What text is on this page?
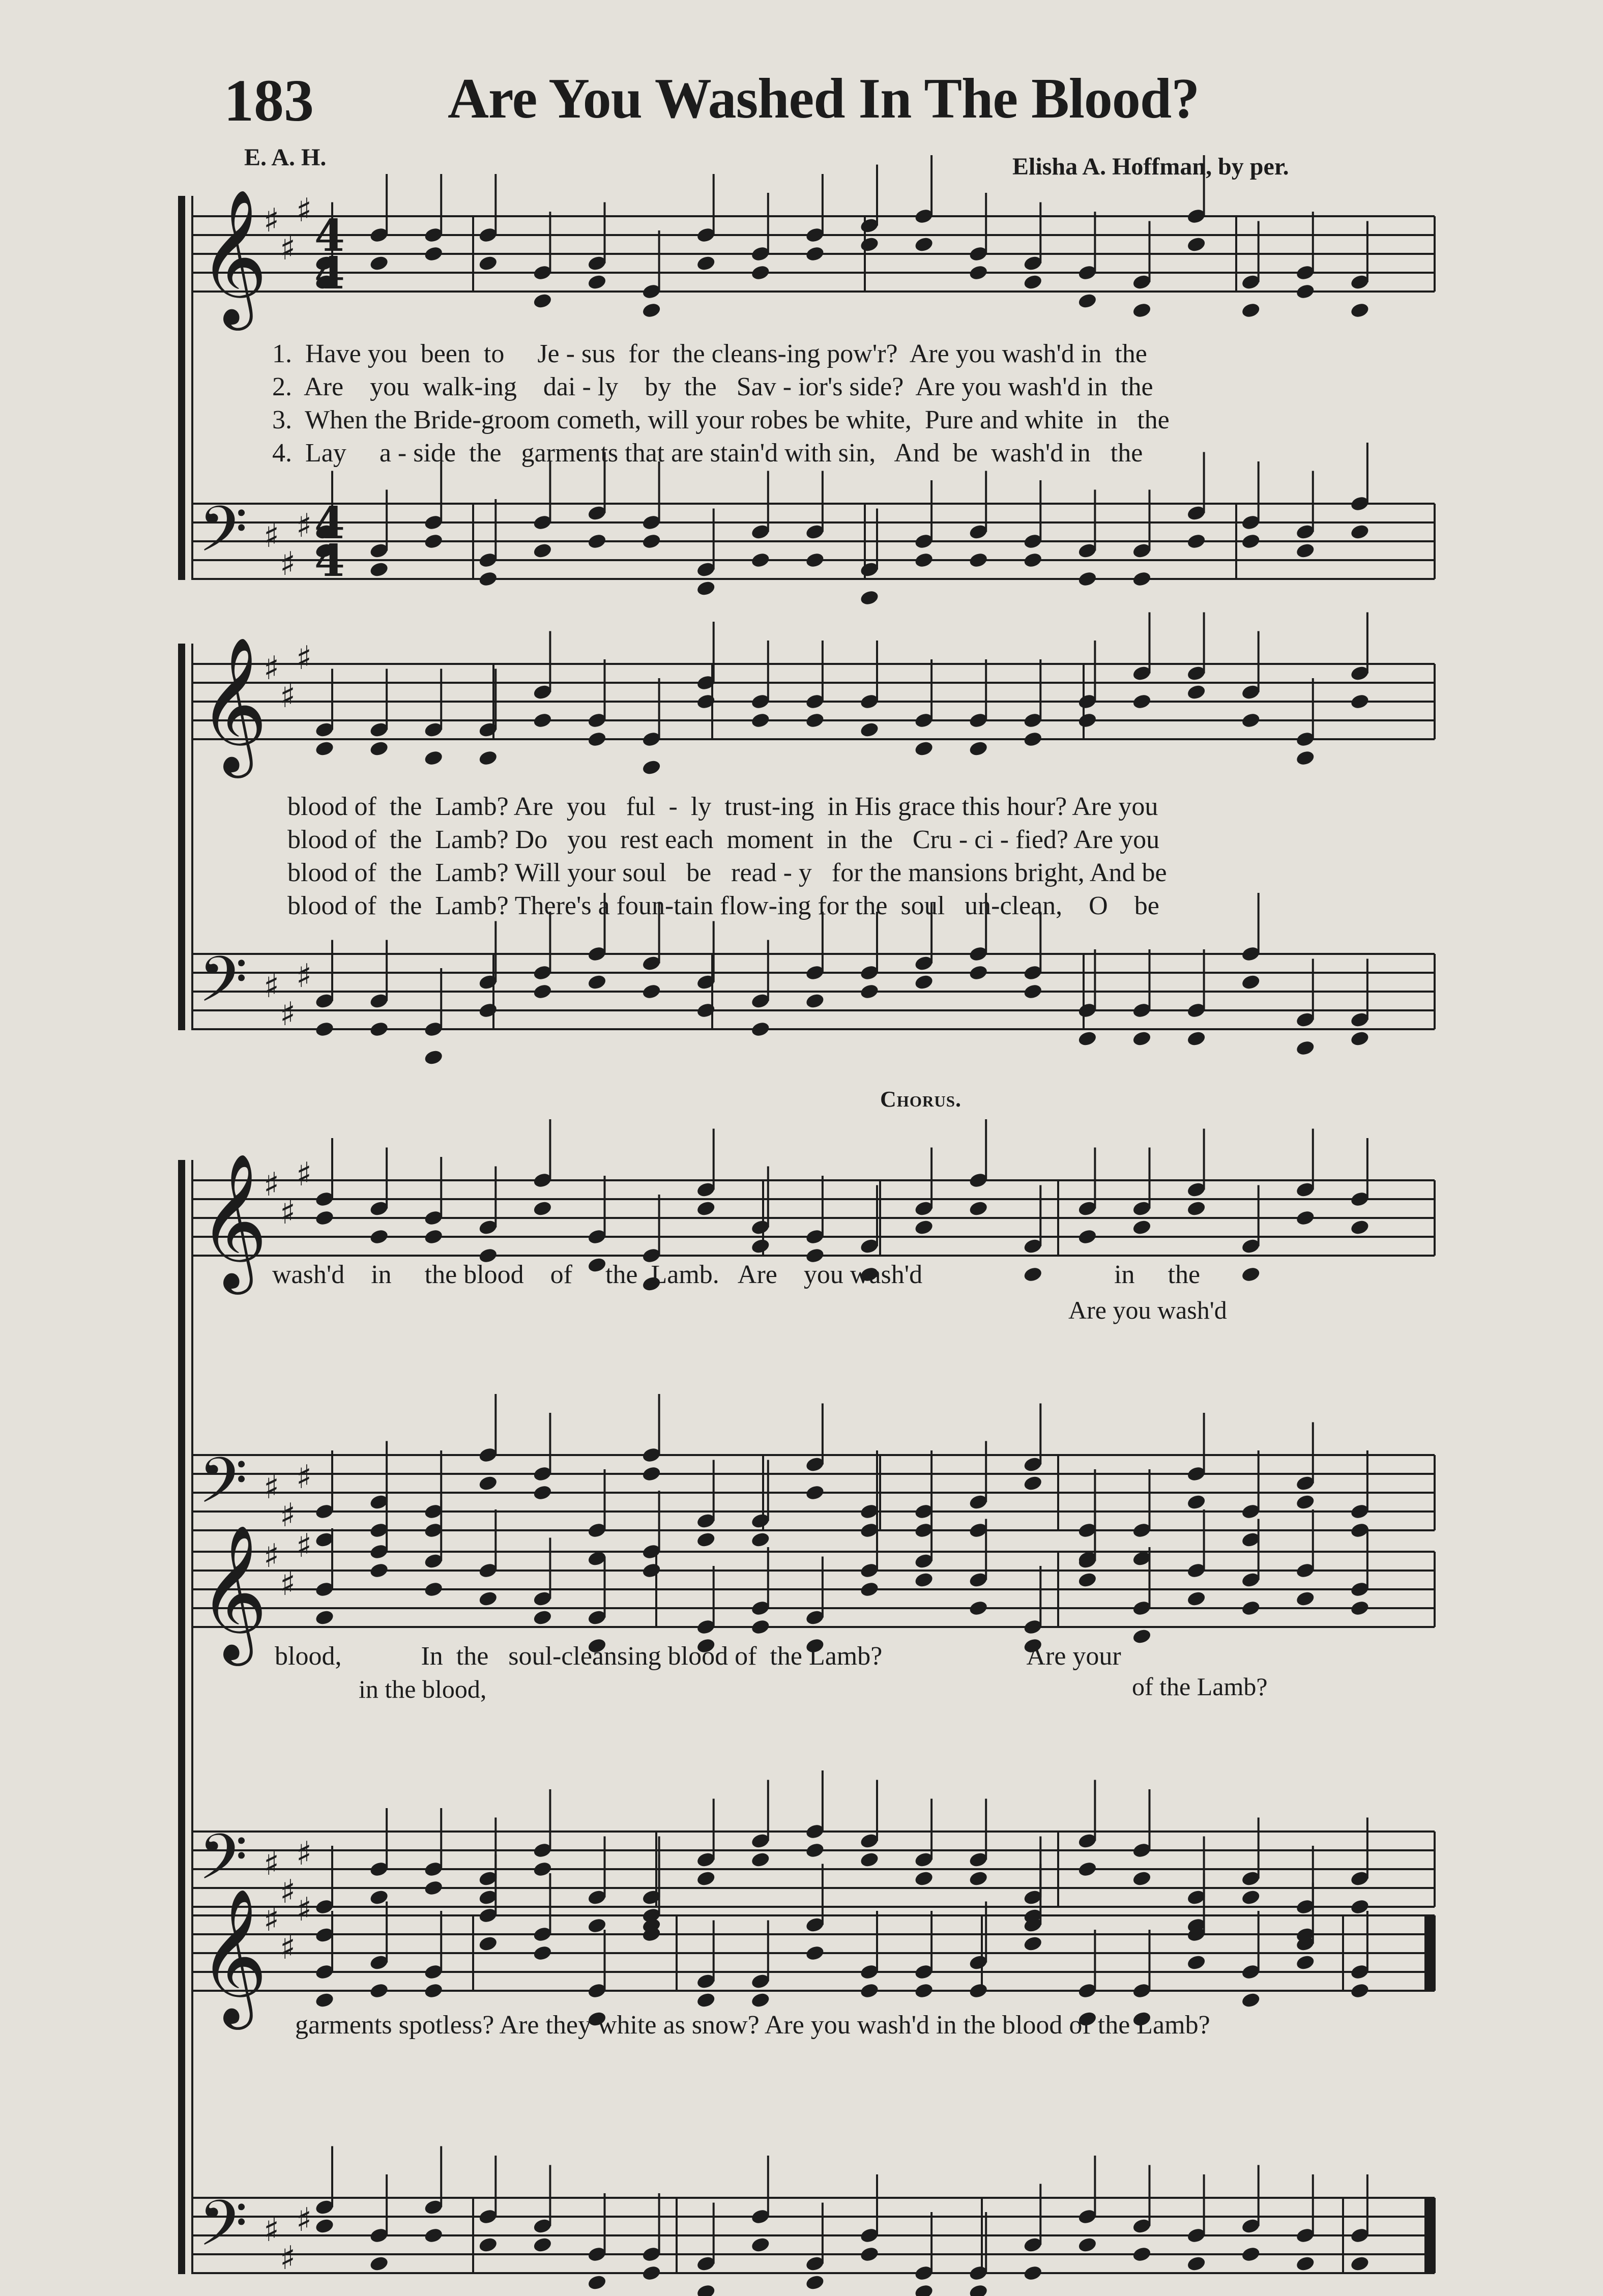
183 Are You Washed In The Blood?
E. A. H.	Elisha A. Hoffman, by per.
𝄞
♯
♯
♯
𝄢 ♯
♯
♯
𝄞
♯
♯
♯
𝄢 ♯
♯
♯
𝄞
♯
♯
♯
𝄢 ♯
♯
♯
𝄞
♯
♯
♯
𝄢 ♯
♯
♯
𝄞
♯
♯
♯
𝄢 ♯
♯
♯
4
4
4
4
1.  Have you  been  to     Je - sus  for  the cleans-ing pow'r?  Are you wash'd in  the
2.  Are    you  walk-ing    dai - ly    by  the   Sav - ior's side?  Are you wash'd in  the
3.  When the Bride-groom cometh, will your robes be white,  Pure and white  in   the
4.  Lay     a - side  the   garments that are stain'd with sin,   And  be  wash'd in   the
blood of  the  Lamb? Are  you   ful  -  ly  trust-ing  in His grace this hour? Are you
blood of  the  Lamb? Do   you  rest each  moment  in  the   Cru - ci - fied? Are you
blood of  the  Lamb? Will your soul   be   read - y   for the mansions bright, And be
blood of  the  Lamb? There's a foun-tain flow-ing for the  soul   un-clean,    O    be
Chorus.
wash'd    in     the blood    of     the  Lamb.   Are    you wash'd                             in     the
Are you wash'd
blood,            In  the   soul-cleansing blood of  the Lamb?                      Are your
in the blood,	of the Lamb?
garments spotless? Are they white as snow? Are you wash'd in the blood of the Lamb?
